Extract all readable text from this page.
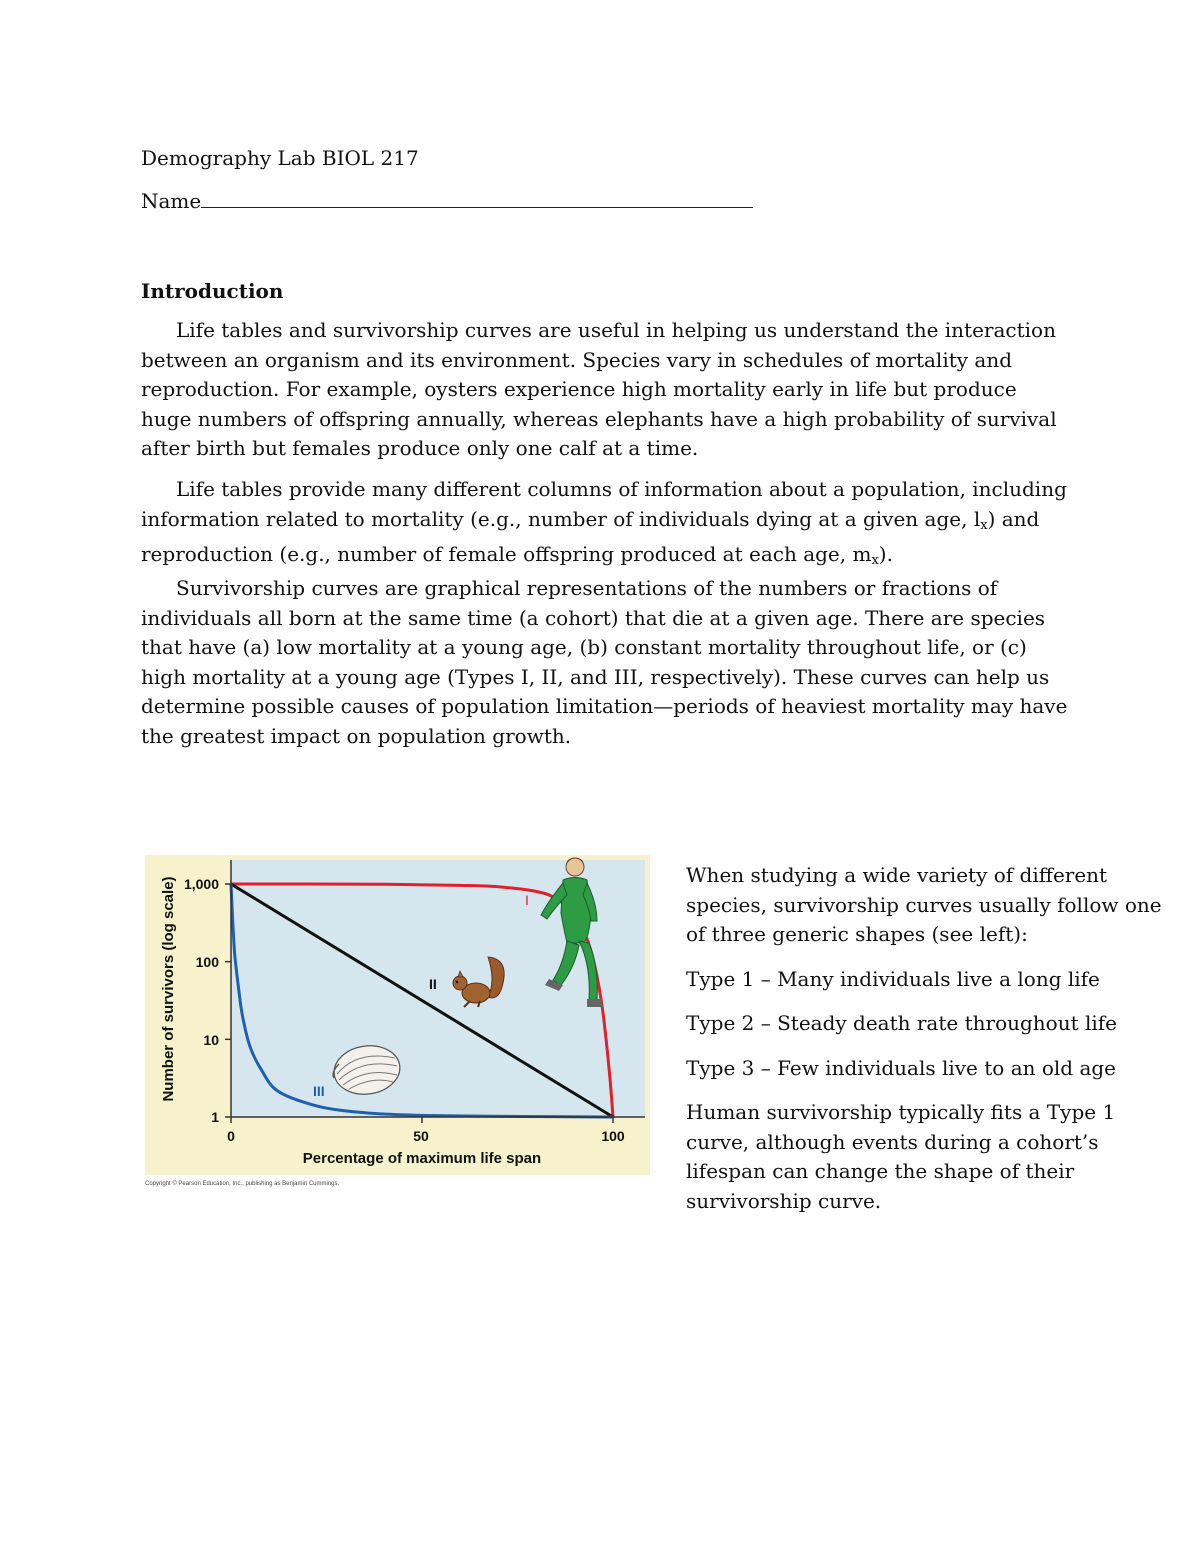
Demography Lab BIOL 217
Name
Introduction

Life tables and survivorship curves are useful in helping us understand the interaction between an organism and its environment. Species vary in schedules of mortality and reproduction. For example, oysters experience high mortality early in life but produce huge numbers of offspring annually, whereas elephants have a high probability of survival after birth but females produce only one calf at a time.

Life tables provide many different columns of information about a population, including information related to mortality (e.g., number of individuals dying at a given age, $l_x$) and reproduction (e.g., number of female offspring produced at each age, $m_x$).

Survivorship curves are graphical representations of the numbers or fractions of individuals all born at the same time (a cohort) that die at a given age. There are species that have (a) low mortality at a young age, (b) constant mortality throughout life, or (c) high mortality at a young age (Types I, II, and III, respectively). These curves can help us determine possible causes of population limitation—periods of heaviest mortality may have the greatest impact on population growth.

1,000
100
10
1
0	50	100
Percentage of maximum life span
Number of survivors (log scale)	I
II
III
Copyright © Pearson Education, Inc., publishing as Benjamin Cummings.

When studying a wide variety of different species, survivorship curves usually follow one of three generic shapes (see left):

Type 1 – Many individuals live a long life

Type 2 – Steady death rate throughout life

Type 3 – Few individuals live to an old age

Human survivorship typically fits a Type 1 curve, although events during a cohort’s lifespan can change the shape of their survivorship curve.
